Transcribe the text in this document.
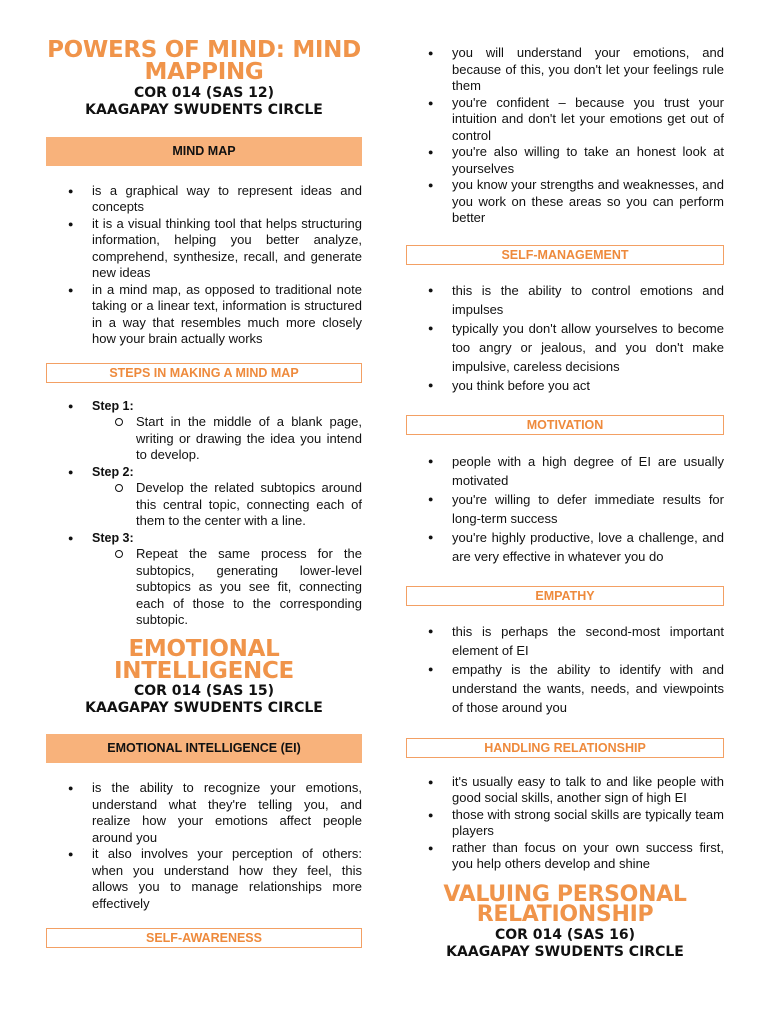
POWERS OF MIND: MIND MAPPING
COR 014 (SAS 12)
KAAGAPAY SWUDENTS CIRCLE
MIND MAP
● is a graphical way to represent ideas and concepts
● it is a visual thinking tool that helps structuring information, helping you better analyze, comprehend, synthesize, recall, and generate new ideas
● in a mind map, as opposed to traditional note taking or a linear text, information is structured in a way that resembles much more closely how your brain actually works
STEPS IN MAKING A MIND MAP
● Step 1:
Start in the middle of a blank page, writing or drawing the idea you intend to develop.
● Step 2:
Develop the related subtopics around this central topic, connecting each of them to the center with a line.
● Step 3:
Repeat the same process for the subtopics, generating lower-level subtopics as you see fit, connecting each of those to the corresponding subtopic.
EMOTIONAL INTELLIGENCE
COR 014 (SAS 15)
KAAGAPAY SWUDENTS CIRCLE
EMOTIONAL INTELLIGENCE (EI)
● is the ability to recognize your emotions, understand what they're telling you, and realize how your emotions affect people around you
● it also involves your perception of others: when you understand how they feel, this allows you to manage relationships more effectively
SELF-AWARENESS
● you will understand your emotions, and because of this, you don't let your feelings rule them
● you're confident – because you trust your intuition and don't let your emotions get out of control
● you're also willing to take an honest look at yourselves
● you know your strengths and weaknesses, and you work on these areas so you can perform better
SELF-MANAGEMENT
● this is the ability to control emotions and impulses
● typically you don't allow yourselves to become too angry or jealous, and you don't make impulsive, careless decisions
● you think before you act
MOTIVATION
● people with a high degree of EI are usually motivated
● you're willing to defer immediate results for long-term success
● you're highly productive, love a challenge, and are very effective in whatever you do
EMPATHY
● this is perhaps the second-most important element of EI
● empathy is the ability to identify with and understand the wants, needs, and viewpoints of those around you
HANDLING RELATIONSHIP
● it's usually easy to talk to and like people with good social skills, another sign of high EI
● those with strong social skills are typically team players
● rather than focus on your own success first, you help others develop and shine
VALUING PERSONAL RELATIONSHIP
COR 014 (SAS 16)
KAAGAPAY SWUDENTS CIRCLE
